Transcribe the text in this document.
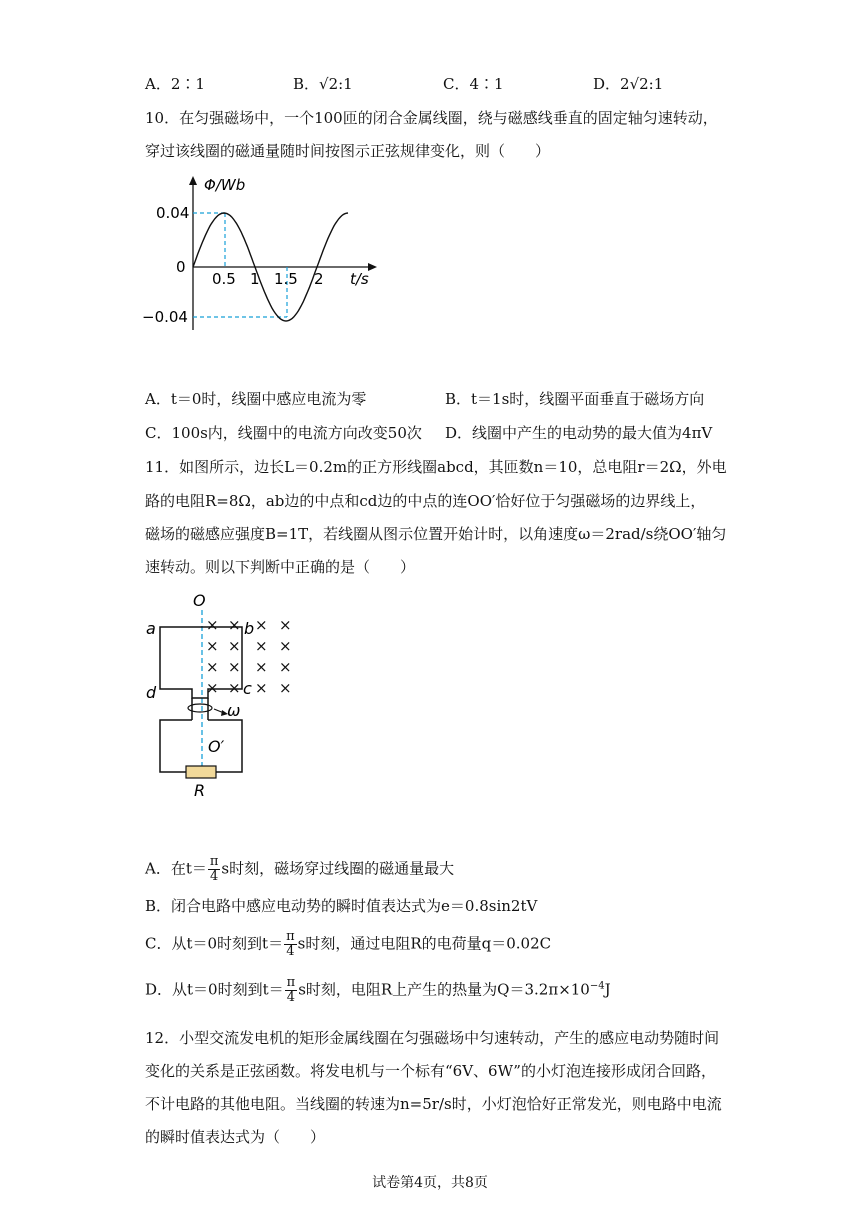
A．2∶1	B．√2:1	C．4∶1	D．2√2:1
10．在匀强磁场中，一个100匝的闭合金属线圈，绕与磁感线垂直的固定轴匀速转动，
穿过该线圈的磁通量随时间按图示正弦规律变化，则（　　）
Φ/Wb
0.04
0
−0.04
0.5 1 1.5 2 t/s
A．t＝0时，线圈中感应电流为零	B．t＝1s时，线圈平面垂直于磁场方向
C．100s内，线圈中的电流方向改变50次 D．线圈中产生的电动势的最大值为4πV
11．如图所示，边长L＝0.2m的正方形线圈abcd，其匝数n＝10，总电阻r＝2Ω，外电
路的电阻R=8Ω，ab边的中点和cd边的中点的连OO′恰好位于匀强磁场的边界线上，
磁场的磁感应强度B=1T，若线圈从图示位置开始计时，以角速度ω＝2rad/s绕OO′轴匀
速转动。则以下判断中正确的是（　　）
O
a	b
c
d
ω
O′
R
× × × ×
× × × ×
× × × ×
× × × ×
A．在$t= \frac{\pi}{4}$ s时刻，磁场穿过线圈的磁通量最大
B．闭合电路中感应电动势的瞬时值表达式为e＝0.8sin2tV
C．从t＝0时刻到$t= \frac{\pi}{4}$ s时刻，通过电阻R的电荷量q＝0.02C
D．从t＝0时刻到$t= \frac{\pi}{4}$ s时刻，电阻R上产生的热量为$Q=3.2\pi\times 10^{-4}J$
12．小型交流发电机的矩形金属线圈在匀强磁场中匀速转动，产生的感应电动势随时间
变化的关系是正弦函数。将发电机与一个标有“6V、6W”的小灯泡连接形成闭合回路，
不计电路的其他电阻。当线圈的转速为n=5r/s时，小灯泡恰好正常发光，则电路中电流
的瞬时值表达式为（　　）
试卷第4页，共8页
